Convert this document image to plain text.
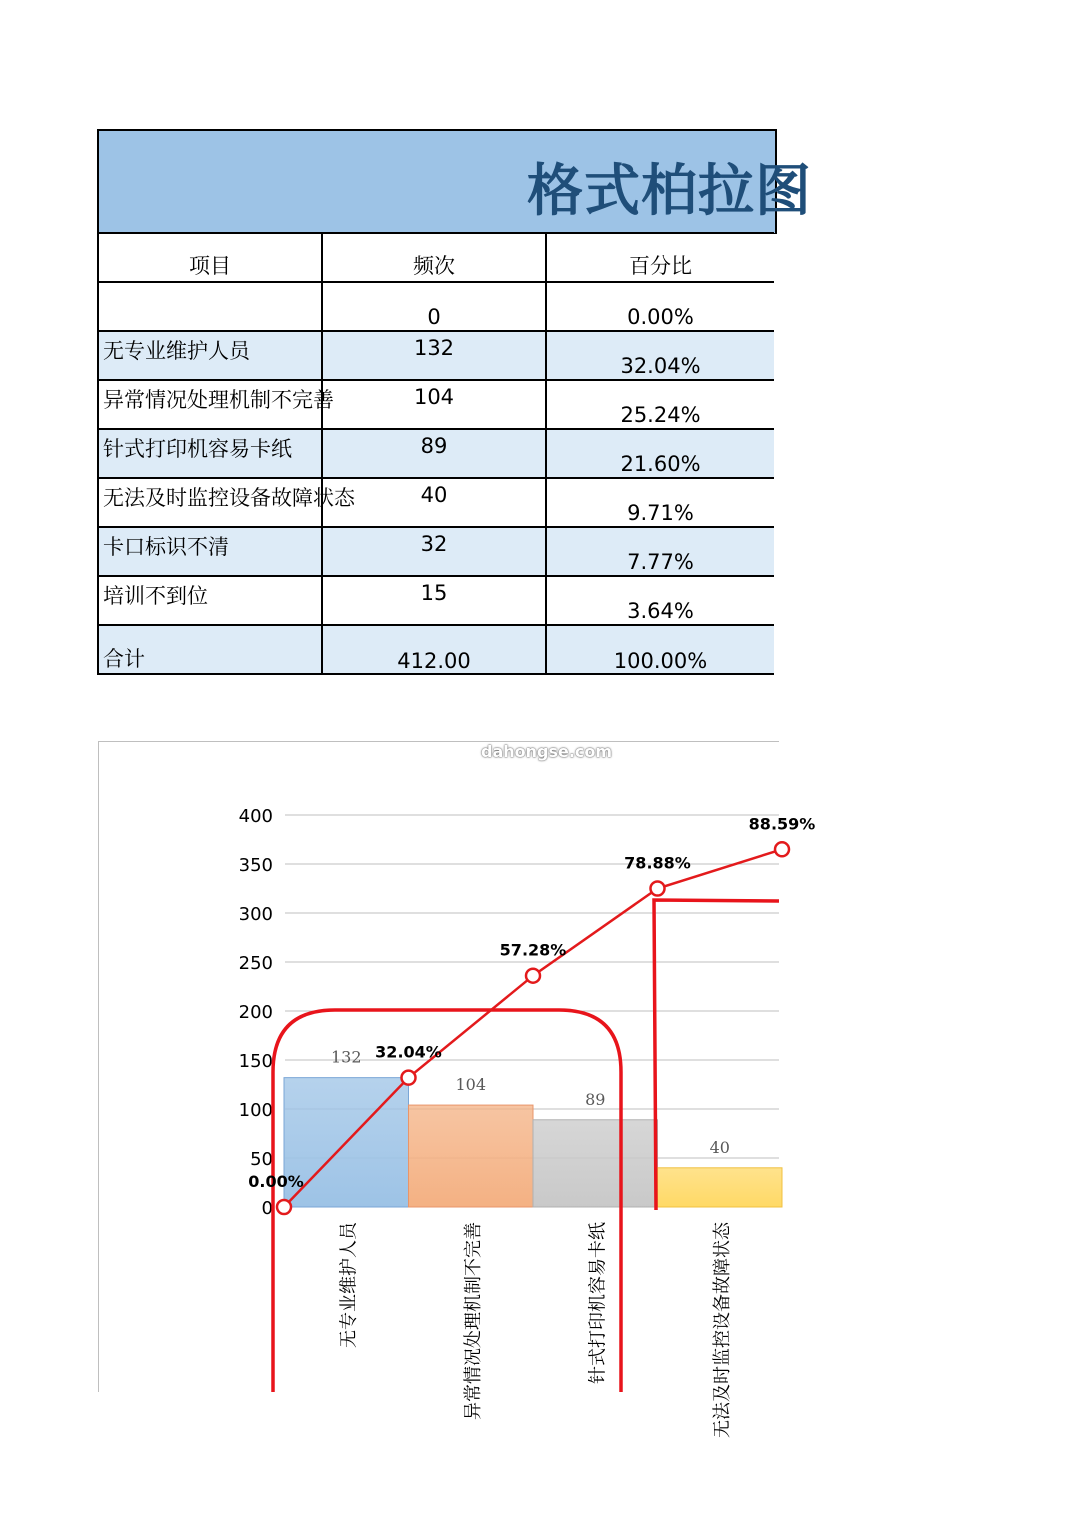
格式柏拉图
项目	频次	百分比

	0	0.00%

无专业维护人员	132	32.04%

异常情况处理机制不完善	104	25.24%

针式打印机容易卡纸	89	21.60%

无法及时监控设备故障状态	40	9.71%

卡口标识不清	32	7.77%

培训不到位	15	3.64%

合计	412.00	100.00%
0
50
100
150
200
250
300
350
400
132
104
89
40
无专业维护人员	异常情况处理机制不完善	针式打印机容易卡纸	无法及时监控设备故障状态
0.00%
32.04%
57.28%
78.88%
88.59%
dahongse.com
